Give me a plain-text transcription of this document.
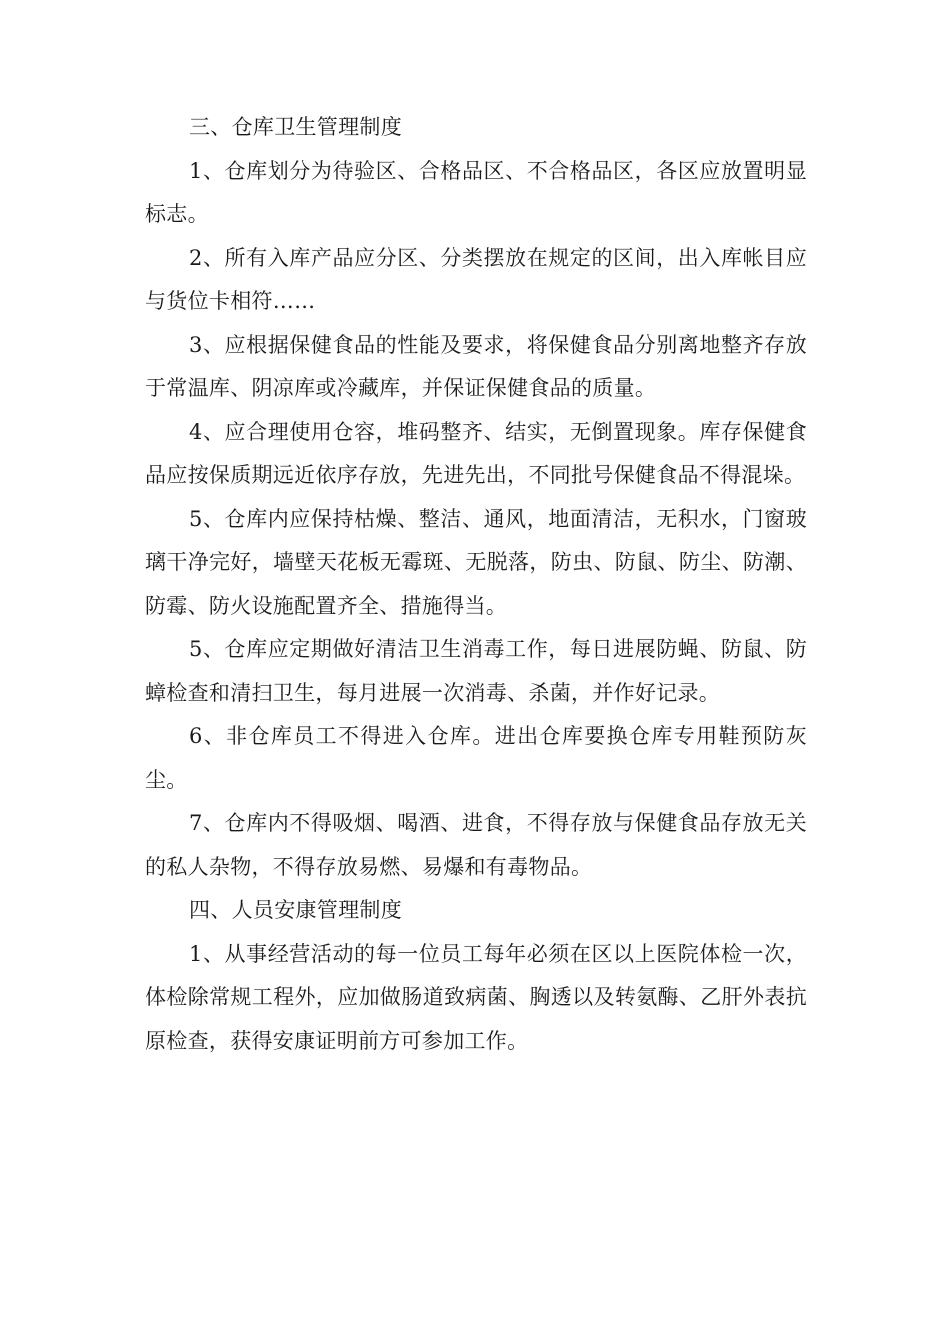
三、仓库卫生管理制度

1、仓库划分为待验区、合格品区、不合格品区，各区应放置明显标志。

2、所有入库产品应分区、分类摆放在规定的区间，出入库帐目应与货位卡相符……

3、应根据保健食品的性能及要求，将保健食品分别离地整齐存放于常温库、阴凉库或冷藏库，并保证保健食品的质量。

4、应合理使用仓容，堆码整齐、结实，无倒置现象。库存保健食品应按保质期远近依序存放，先进先出，不同批号保健食品不得混垛。

5、仓库内应保持枯燥、整洁、通风，地面清洁，无积水，门窗玻璃干净完好，墙壁天花板无霉斑、无脱落，防虫、防鼠、防尘、防潮、防霉、防火设施配置齐全、措施得当。

5、仓库应定期做好清洁卫生消毒工作，每日进展防蝇、防鼠、防蟑检查和清扫卫生，每月进展一次消毒、杀菌，并作好记录。

6、非仓库员工不得进入仓库。进出仓库要换仓库专用鞋预防灰尘。

7、仓库内不得吸烟、喝酒、进食，不得存放与保健食品存放无关的私人杂物，不得存放易燃、易爆和有毒物品。

四、人员安康管理制度

1、从事经营活动的每一位员工每年必须在区以上医院体检一次，体检除常规工程外，应加做肠道致病菌、胸透以及转氨酶、乙肝外表抗原检查，获得安康证明前方可参加工作。
